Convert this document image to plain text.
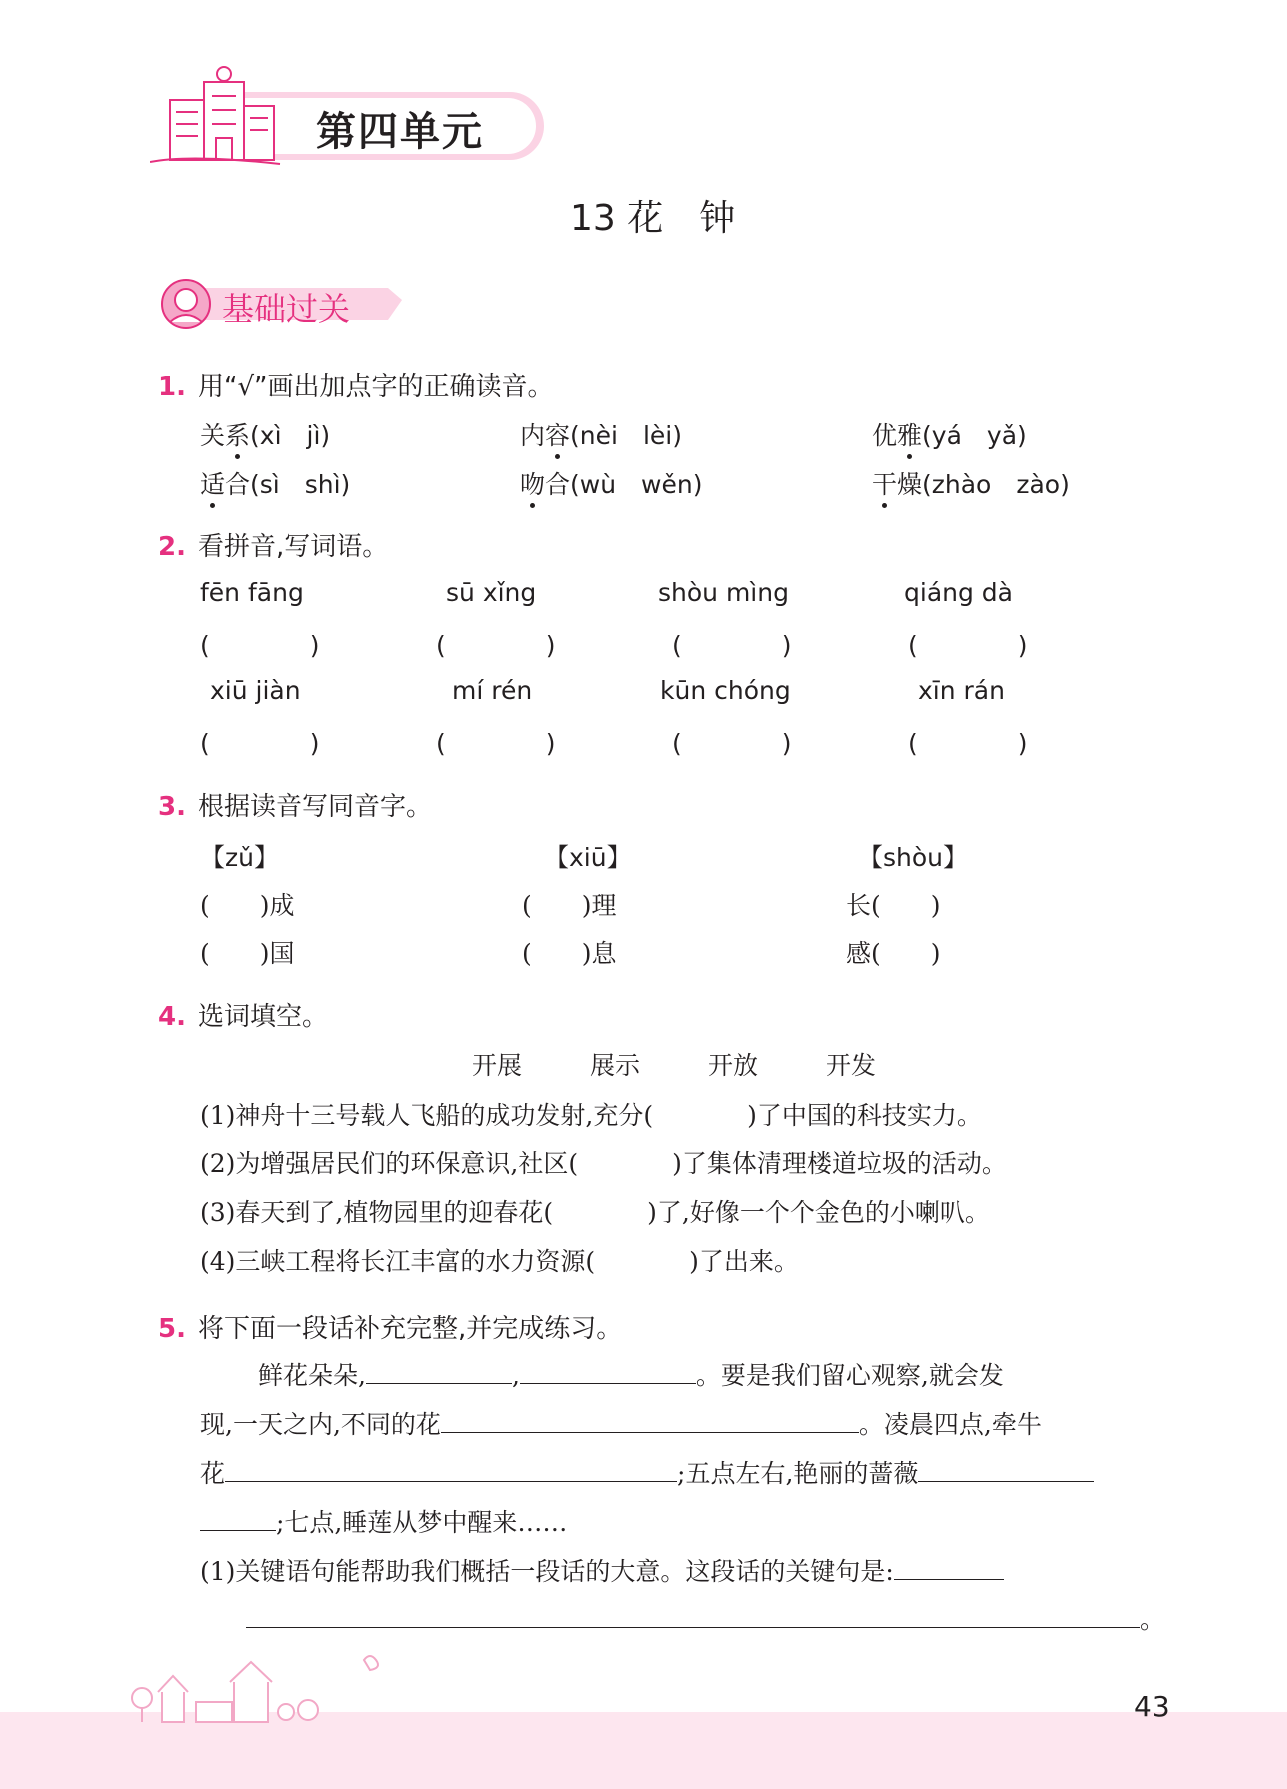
第四单元
13 花　钟
基础过关
1. 用“√”画出加点字的正确读音。
关系(xì　jì)	内容(nèi　lèi)	优雅(yá　yǎ)
适合(sì　shì)	吻合(wù　wěn)	干燥(zhào　zào)
2. 看拼音,写词语。
fēn fāng	sū xǐng	shòu mìng	qiáng dà
(　　　　)	(　　　　)	(　　　　)	(　　　　)
xiū jiàn	mí rén	kūn chóng	xīn rán
(　　　　)	(　　　　)	(　　　　)	(　　　　)
3. 根据读音写同音字。
【zǔ】	【xiū】	【shòu】
(　　)成	(　　)理	长(　　)
(　　)国	(　　)息	感(　　)
4. 选词填空。
开展	展示	开放	开发
(1)神舟十三号载人飞船的成功发射,充分(	)了中国的科技实力。
(2)为增强居民们的环保意识,社区(	)了集体清理楼道垃圾的活动。
(3)春天到了,植物园里的迎春花(	)了,好像一个个金色的小喇叭。
(4)三峡工程将长江丰富的水力资源(	)了出来。
5. 将下面一段话补充完整,并完成练习。
鲜花朵朵,	,	。要是我们留心观察,就会发
现,一天之内,不同的花	。凌晨四点,牵牛
花	;五点左右,艳丽的蔷薇
;七点,睡莲从梦中醒来……
(1)关键语句能帮助我们概括一段话的大意。这段话的关键句是:
。
43
